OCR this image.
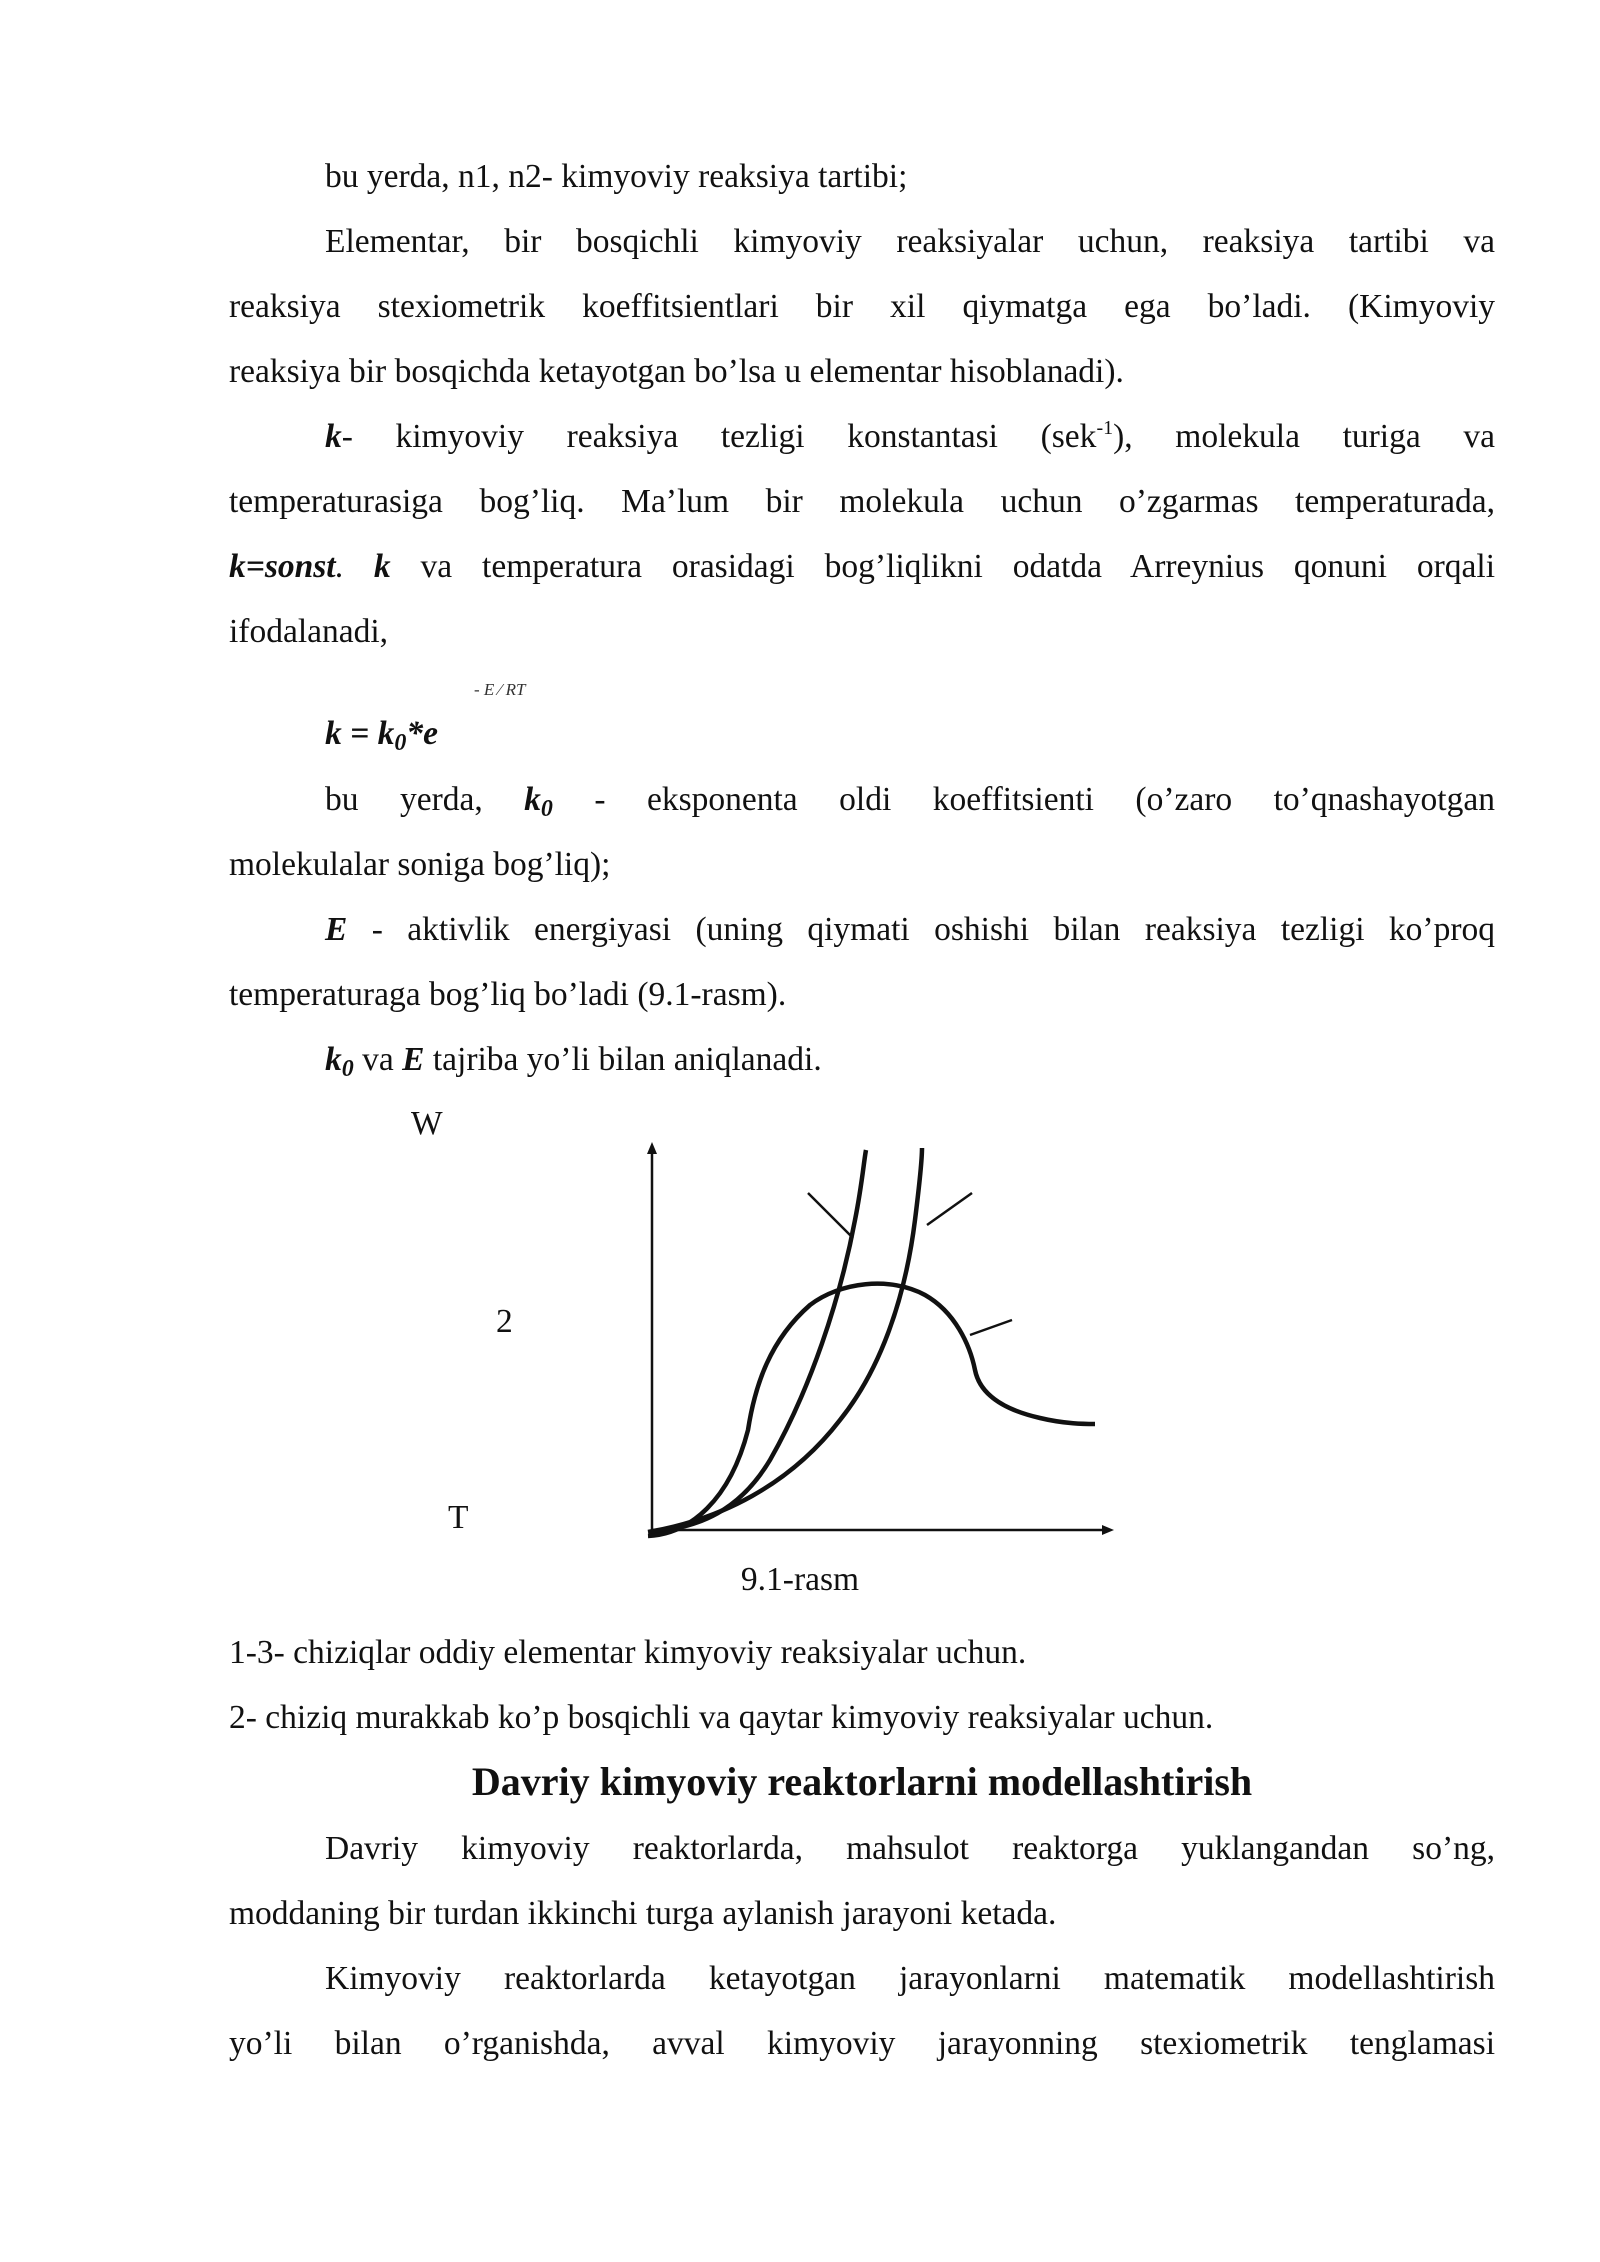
bu yerda, n1, n2- kimyoviy reaksiya tartibi;

Elementar, bir bosqichli kimyoviy reaksiyalar uchun, reaksiya tartibi va

reaksiya stexiometrik koeffitsientlari bir xil qiymatga ega bo’ladi. (Kimyoviy

reaksiya bir bosqichda ketayotgan bo’lsa u elementar hisoblanadi).

k- kimyoviy reaksiya tezligi konstantasi (sek$^{-1}$), molekula turiga va

temperaturasiga bog’liq. Ma’lum bir molekula uchun o’zgarmas temperaturada,

k=sonst. k va temperatura orasidagi bog’liqlikni odatda Arreynius qonuni orqali

ifodalanadi,

- E ⁄ RT

$k = k_0*e$

bu yerda, $k_0$ - eksponenta oldi koeffitsienti (o’zaro to’qnashayotgan

molekulalar soniga bog’liq);

E - aktivlik energiyasi (uning qiymati oshishi bilan reaksiya tezligi ko’proq

temperaturaga bog’liq bo’ladi (9.1-rasm).

$k_0$ va E tajriba yo’li bilan aniqlanadi.

W
2
T
9.1-rasm

1-3- chiziqlar oddiy elementar kimyoviy reaksiyalar uchun.

2- chiziq murakkab ko’p bosqichli va qaytar kimyoviy reaksiyalar uchun.

Davriy kimyoviy reaktorlarni modellashtirish

Davriy kimyoviy reaktorlarda, mahsulot reaktorga yuklangandan so’ng,

moddaning bir turdan ikkinchi turga aylanish jarayoni ketada.

Kimyoviy reaktorlarda ketayotgan jarayonlarni matematik modellashtirish

yo’li bilan o’rganishda, avval kimyoviy jarayonning stexiometrik tenglamasi
